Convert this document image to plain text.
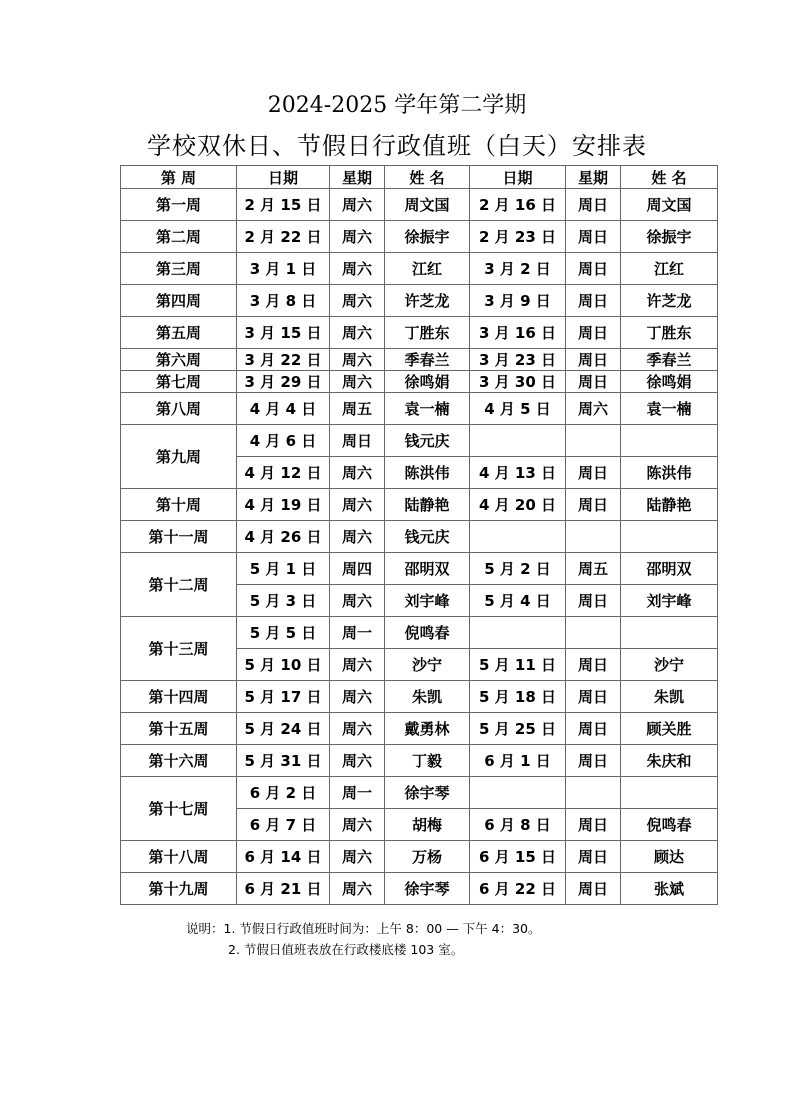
2024-2025 学年第二学期
学校双休日、节假日行政值班（白天）安排表
第 周	日期	星期	姓 名	日期	星期	姓 名
第一周	2 月 15 日	周六	周文国	2 月 16 日	周日	周文国
第二周	2 月 22 日	周六	徐振宇	2 月 23 日	周日	徐振宇
第三周	3 月 1 日	周六	江红	3 月 2 日	周日	江红
第四周	3 月 8 日	周六	许芝龙	3 月 9 日	周日	许芝龙
第五周	3 月 15 日	周六	丁胜东	3 月 16 日	周日	丁胜东
第六周	3 月 22 日	周六	季春兰	3 月 23 日	周日	季春兰
第七周	3 月 29 日	周六	徐鸣娟	3 月 30 日	周日	徐鸣娟
第八周	4 月 4 日	周五	袁一楠	4 月 5 日	周六	袁一楠
第九周	4 月 6 日	周日	钱元庆			
	4 月 12 日	周六	陈洪伟	4 月 13 日	周日	陈洪伟
第十周	4 月 19 日	周六	陆静艳	4 月 20 日	周日	陆静艳
第十一周	4 月 26 日	周六	钱元庆			
第十二周	5 月 1 日	周四	邵明双	5 月 2 日	周五	邵明双
	5 月 3 日	周六	刘宇峰	5 月 4 日	周日	刘宇峰
第十三周	5 月 5 日	周一	倪鸣春			
	5 月 10 日	周六	沙宁	5 月 11 日	周日	沙宁
第十四周	5 月 17 日	周六	朱凯	5 月 18 日	周日	朱凯
第十五周	5 月 24 日	周六	戴勇林	5 月 25 日	周日	顾关胜
第十六周	5 月 31 日	周六	丁毅	6 月 1 日	周日	朱庆和
第十七周	6 月 2 日	周一	徐宇琴			
	6 月 7 日	周六	胡梅	6 月 8 日	周日	倪鸣春
第十八周	6 月 14 日	周六	万杨	6 月 15 日	周日	顾达
第十九周	6 月 21 日	周六	徐宇琴	6 月 22 日	周日	张斌
说明：1. 节假日行政值班时间为：上午 8：00 — 下午 4：30。
2. 节假日值班表放在行政楼底楼 103 室。
